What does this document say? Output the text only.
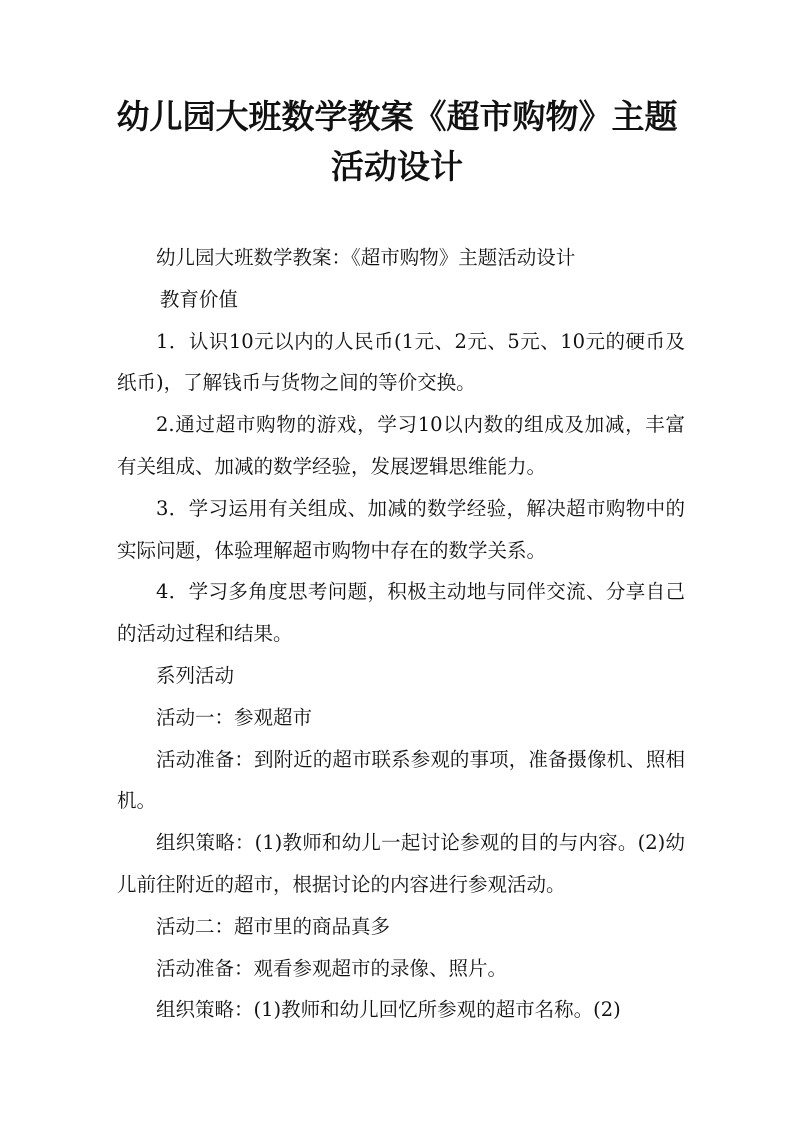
幼儿园大班数学教案《超市购物》主题
活动设计

幼儿园大班数学教案：《超市购物》主题活动设计

教育价值

1．认识10元以内的人民币(1元、2元、5元、10元的硬币及纸币)，了解钱币与货物之间的等价交换。

2.通过超市购物的游戏，学习10以内数的组成及加减，丰富有关组成、加减的数学经验，发展逻辑思维能力。

3．学习运用有关组成、加减的数学经验，解决超市购物中的实际问题，体验理解超市购物中存在的数学关系。

4．学习多角度思考问题，积极主动地与同伴交流、分享自己的活动过程和结果。

系列活动

活动一：参观超市

活动准备：到附近的超市联系参观的事项，准备摄像机、照相机。

组织策略：(1)教师和幼儿一起讨论参观的目的与内容。(2)幼儿前往附近的超市，根据讨论的内容进行参观活动。

活动二：超市里的商品真多

活动准备：观看参观超市的录像、照片。

组织策略：(1)教师和幼儿回忆所参观的超市名称。(2)
